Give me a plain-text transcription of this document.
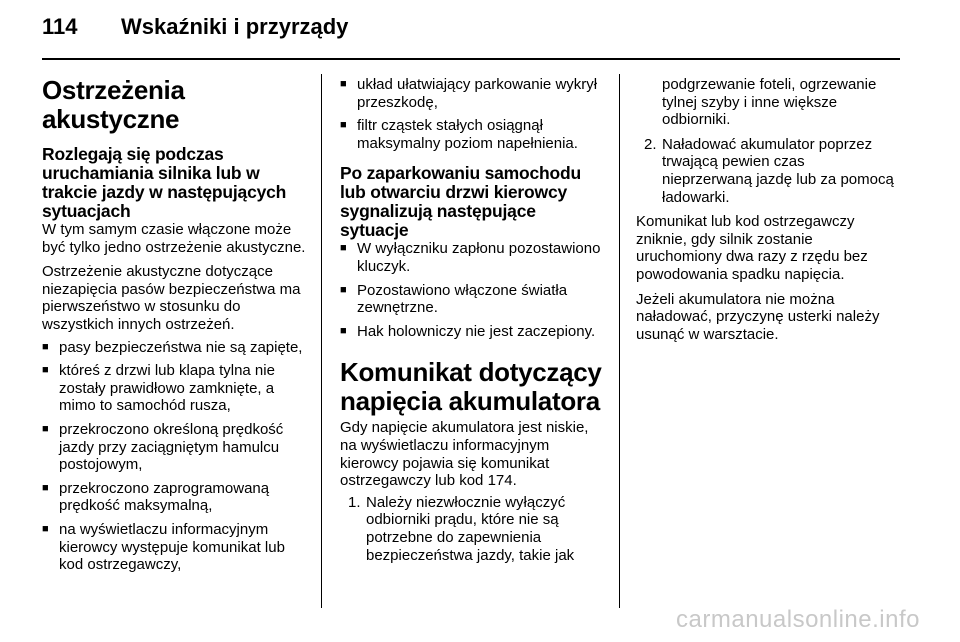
114 Wskaźniki i przyrządy
Ostrzeżenia akustyczne
Rozlegają się podczas uruchamiania silnika lub w trakcie jazdy w następujących sytuacjach
W tym samym czasie włączone może być tylko jedno ostrzeżenie akustyczne.
Ostrzeżenie akustyczne dotyczące niezapięcia pasów bezpieczeństwa ma pierwszeństwo w stosunku do wszystkich innych ostrzeżeń.
■ pasy bezpieczeństwa nie są zapięte,
■ któreś z drzwi lub klapa tylna nie zostały prawidłowo zamknięte, a mimo to samochód rusza,
■ przekroczono określoną prędkość jazdy przy zaciągniętym hamulcu postojowym,
■ przekroczono zaprogramowaną prędkość maksymalną,
■ na wyświetlaczu informacyjnym kierowcy występuje komunikat lub kod ostrzegawczy,
■ układ ułatwiający parkowanie wykrył przeszkodę,
■ filtr cząstek stałych osiągnął maksymalny poziom napełnienia.
Po zaparkowaniu samochodu lub otwarciu drzwi kierowcy sygnalizują następujące sytuacje
■ W wyłączniku zapłonu pozostawiono kluczyk.
■ Pozostawiono włączone światła zewnętrzne.
■ Hak holowniczy nie jest zaczepiony.
Komunikat dotyczący napięcia akumulatora
Gdy napięcie akumulatora jest niskie, na wyświetlaczu informacyjnym kierowcy pojawia się komunikat ostrzegawczy lub kod 174.
1. Należy niezwłocznie wyłączyć odbiorniki prądu, które nie są potrzebne do zapewnienia bezpieczeństwa jazdy, takie jak
podgrzewanie foteli, ogrzewanie tylnej szyby i inne większe odbiorniki.
2. Naładować akumulator poprzez trwającą pewien czas nieprzerwaną jazdę lub za pomocą ładowarki.
Komunikat lub kod ostrzegawczy zniknie, gdy silnik zostanie uruchomiony dwa razy z rzędu bez powodowania spadku napięcia.
Jeżeli akumulatora nie można naładować, przyczynę usterki należy usunąć w warsztacie.
carmanualsonline.info
